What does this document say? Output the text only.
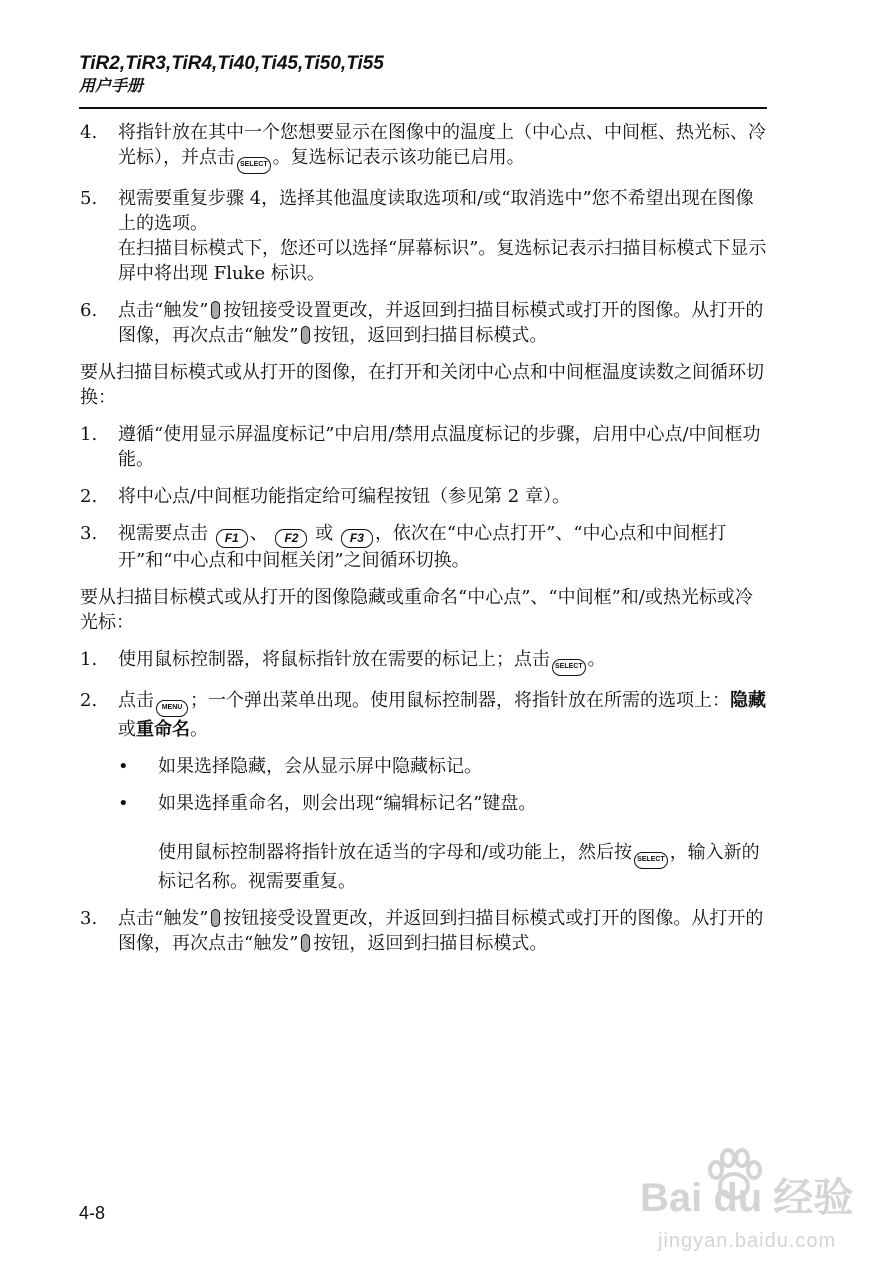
TiR2,TiR3,TiR4,Ti40,Ti45,Ti50,Ti55
用户手册
4. 将指针放在其中一个您想要显示在图像中的温度上（中心点、中间框、热光标、冷光标），并点击 SELECT 。复选标记表示该功能已启用。
5. 视需要重复步骤 4，选择其他温度读取选项和/或“取消选中”您不希望出现在图像上的选项。
在扫描目标模式下，您还可以选择“屏幕标识”。复选标记表示扫描目标模式下显示屏中将出现 Fluke 标识。
6. 点击“触发” 按钮接受设置更改，并返回到扫描目标模式或打开的图像。从打开的图像，再次点击“触发” 按钮，返回到扫描目标模式。
要从扫描目标模式或从打开的图像，在打开和关闭中心点和中间框温度读数之间循环切换：
1. 遵循“使用显示屏温度标记”中启用/禁用点温度标记的步骤，启用中心点/中间框功能。
2. 将中心点/中间框功能指定给可编程按钮（参见第 2 章）。
3. 视需要点击 F1 、 F2 或 F3 ，依次在“中心点打开”、“中心点和中间框打开”和“中心点和中间框关闭”之间循环切换。
要从扫描目标模式或从打开的图像隐藏或重命名“中心点”、“中间框”和/或热光标或冷光标：
1. 使用鼠标控制器，将鼠标指针放在需要的标记上；点击 SELECT 。
2. 点击 MENU ；一个弹出菜单出现。使用鼠标控制器，将指针放在所需的选项上：隐藏或重命名。
• 如果选择隐藏，会从显示屏中隐藏标记。
• 如果选择重命名，则会出现“编辑标记名”键盘。
使用鼠标控制器将指针放在适当的字母和/或功能上，然后按 SELECT ，输入新的标记名称。视需要重复。
3. 点击“触发” 按钮接受设置更改，并返回到扫描目标模式或打开的图像。从打开的图像，再次点击“触发” 按钮，返回到扫描目标模式。
4-8	Bai du 经验
jingyan.baidu.com
